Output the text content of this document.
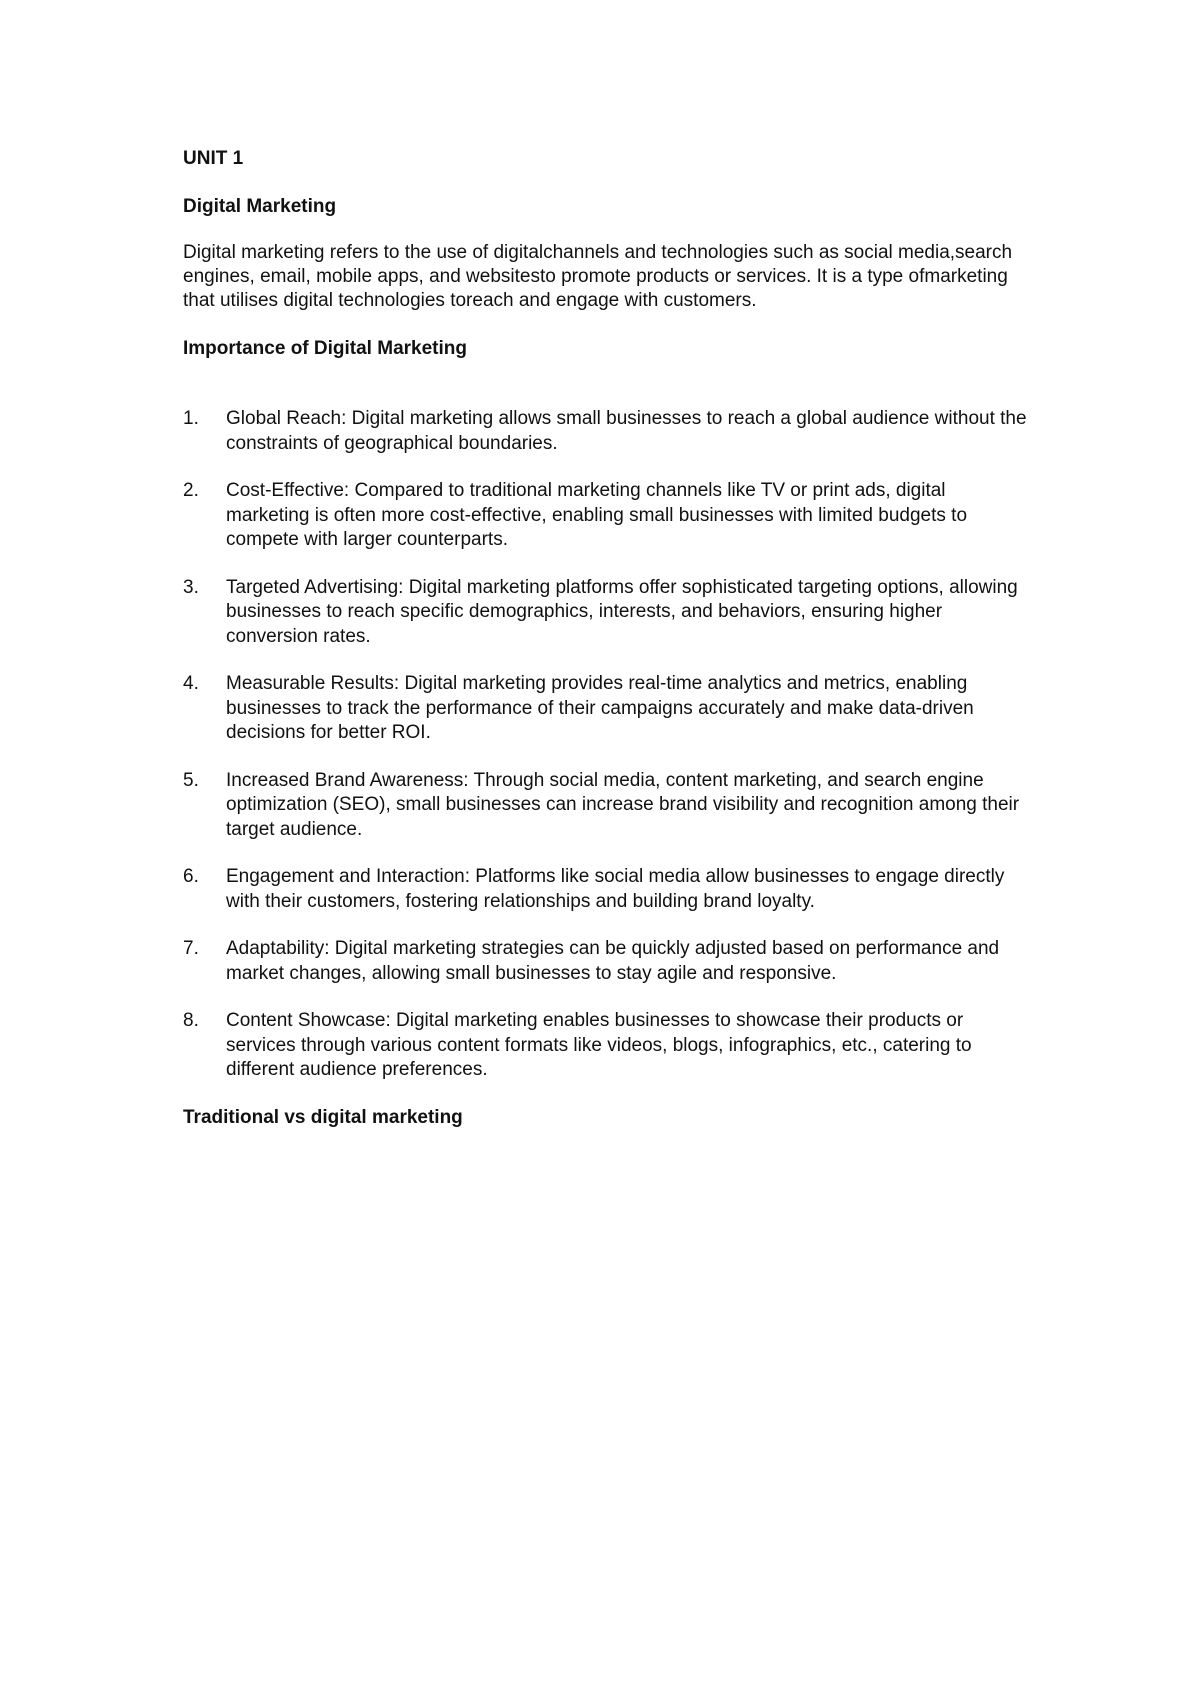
UNIT 1

Digital Marketing

Digital marketing refers to the use of digitalchannels and technologies such as social media,search engines, email, mobile apps, and websitesto promote products or services. It is a type ofmarketing that utilises digital technologies toreach and engage with customers.

Importance of Digital Marketing

1.	Global Reach: Digital marketing allows small businesses to reach a global audience without the constraints of geographical boundaries.
2.	Cost-Effective: Compared to traditional marketing channels like TV or print ads, digital marketing is often more cost-effective, enabling small businesses with limited budgets to compete with larger counterparts.
3.	Targeted Advertising: Digital marketing platforms offer sophisticated targeting options, allowing businesses to reach specific demographics, interests, and behaviors, ensuring higher conversion rates.
4.	Measurable Results: Digital marketing provides real-time analytics and metrics, enabling businesses to track the performance of their campaigns accurately and make data-driven decisions for better ROI.
5.	Increased Brand Awareness: Through social media, content marketing, and search engine optimization (SEO), small businesses can increase brand visibility and recognition among their target audience.
6.	Engagement and Interaction: Platforms like social media allow businesses to engage directly with their customers, fostering relationships and building brand loyalty.
7.	Adaptability: Digital marketing strategies can be quickly adjusted based on performance and market changes, allowing small businesses to stay agile and responsive.
8.	Content Showcase: Digital marketing enables businesses to showcase their products or services through various content formats like videos, blogs, infographics, etc., catering to different audience preferences.

Traditional vs digital marketing
